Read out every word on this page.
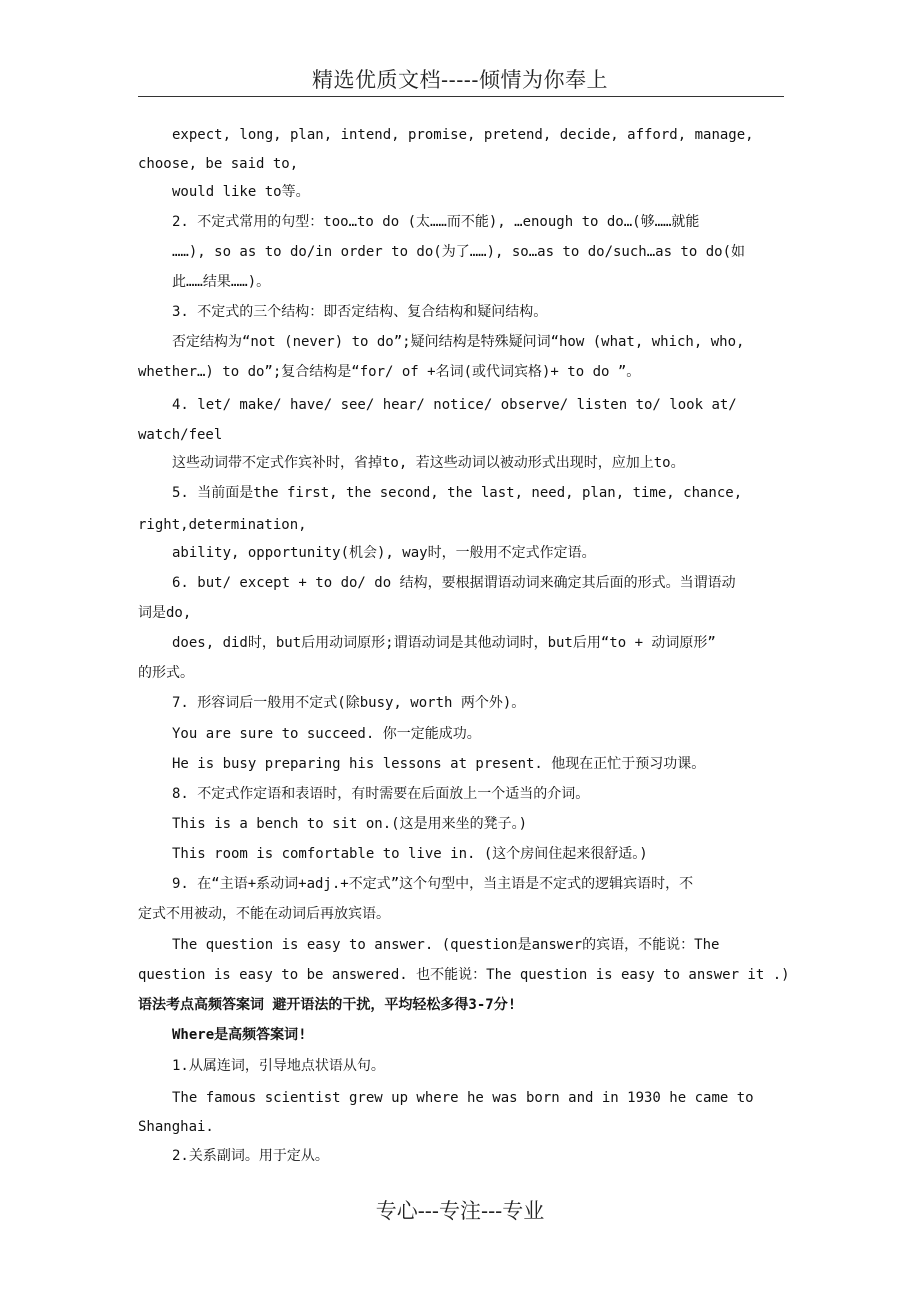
精选优质文档-----倾情为你奉上
expect, long, plan, intend, promise, pretend, decide, afford, manage,
choose, be said to,
would like to等。
2. 不定式常用的句型：too…to do (太……而不能), …enough to do…(够……就能
……), so as to do/in order to do(为了……), so…as to do/such…as to do(如
此……结果……)。
3. 不定式的三个结构：即否定结构、复合结构和疑问结构。
否定结构为“not (never) to do”;疑问结构是特殊疑问词“how (what, which, who,
whether…) to do”;复合结构是“for/ of +名词(或代词宾格)+ to do ”。
4. let/ make/ have/ see/ hear/ notice/ observe/ listen to/ look at/
watch/feel
这些动词带不定式作宾补时，省掉to, 若这些动词以被动形式出现时，应加上to。
5. 当前面是the first, the second, the last, need, plan, time, chance,
right,determination,
ability, opportunity(机会), way时，一般用不定式作定语。
6. but/ except + to do/ do 结构，要根据谓语动词来确定其后面的形式。当谓语动
词是do,
does, did时，but后用动词原形;谓语动词是其他动词时，but后用“to + 动词原形”
的形式。
7. 形容词后一般用不定式(除busy, worth 两个外)。
You are sure to succeed. 你一定能成功。
He is busy preparing his lessons at present. 他现在正忙于预习功课。
8. 不定式作定语和表语时，有时需要在后面放上一个适当的介词。
This is a bench to sit on.(这是用来坐的凳子。)
This room is comfortable to live in. (这个房间住起来很舒适。)
9. 在“主语+系动词+adj.+不定式”这个句型中，当主语是不定式的逻辑宾语时，不
定式不用被动，不能在动词后再放宾语。
The question is easy to answer. (question是answer的宾语，不能说：The
question is easy to be answered. 也不能说：The question is easy to answer it .)
语法考点高频答案词 避开语法的干扰，平均轻松多得3-7分!
Where是高频答案词!
1.从属连词，引导地点状语从句。
The famous scientist grew up where he was born and in 1930 he came to
Shanghai.
2.关系副词。用于定从。
专心---专注---专业
